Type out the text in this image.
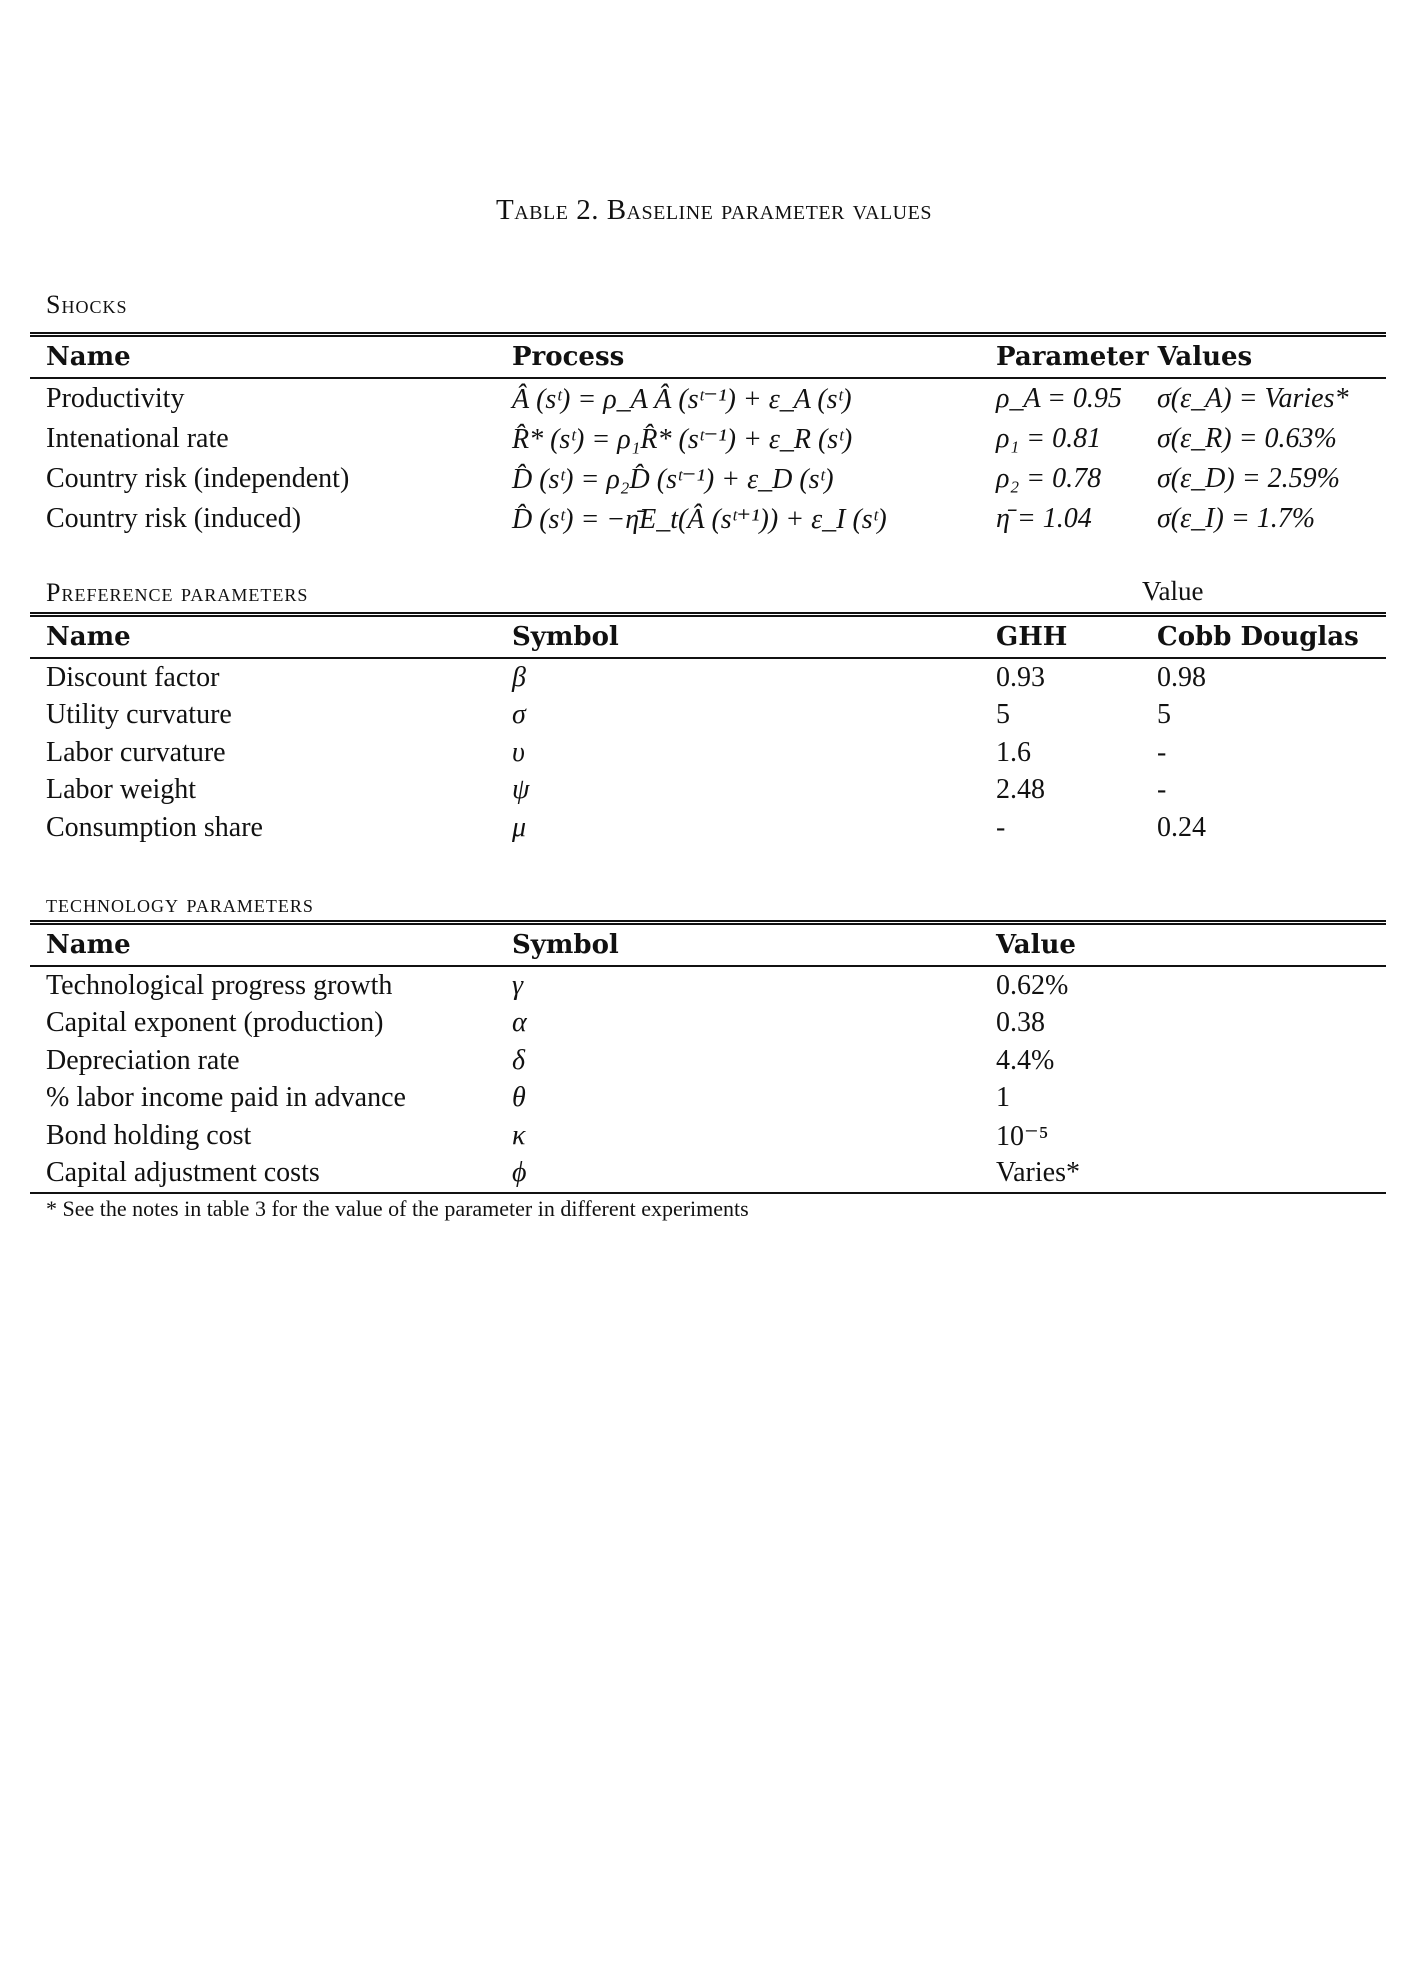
Table 2. Baseline parameter values
Shocks
Name	Process	Parameter Values	
Productivity	Â (sᵗ) = ρ_A Â (sᵗ⁻¹) + ε_A (sᵗ)	ρ_A = 0.95	σ(ε_A) = Varies*
Intenational rate	R̂* (sᵗ) = ρ₁R̂* (sᵗ⁻¹) + ε_R (sᵗ)	ρ₁ = 0.81	σ(ε_R) = 0.63%
Country risk (independent)	D̂ (sᵗ) = ρ₂D̂ (sᵗ⁻¹) + ε_D (sᵗ)	ρ₂ = 0.78	σ(ε_D) = 2.59%
Country risk (induced)	D̂ (sᵗ) = −η̄E_t(Â (sᵗ⁺¹)) + ε_I (sᵗ)	η̄ = 1.04	σ(ε_I) = 1.7%
Preference parameters	Value
Name	Symbol	GHH	Cobb Douglas
Discount factor	β	0.93	0.98
Utility curvature	σ	5	5
Labor curvature	υ	1.6	-
Labor weight	ψ	2.48	-
Consumption share	μ	-	0.24
technology parameters
Name	Symbol	Value
Technological progress growth	γ	0.62%
Capital exponent (production)	α	0.38
Depreciation rate	δ	4.4%
% labor income paid in advance	θ	1
Bond holding cost	κ	10⁻⁵
Capital adjustment costs	ϕ	Varies*
* See the notes in table 3 for the value of the parameter in different experiments
